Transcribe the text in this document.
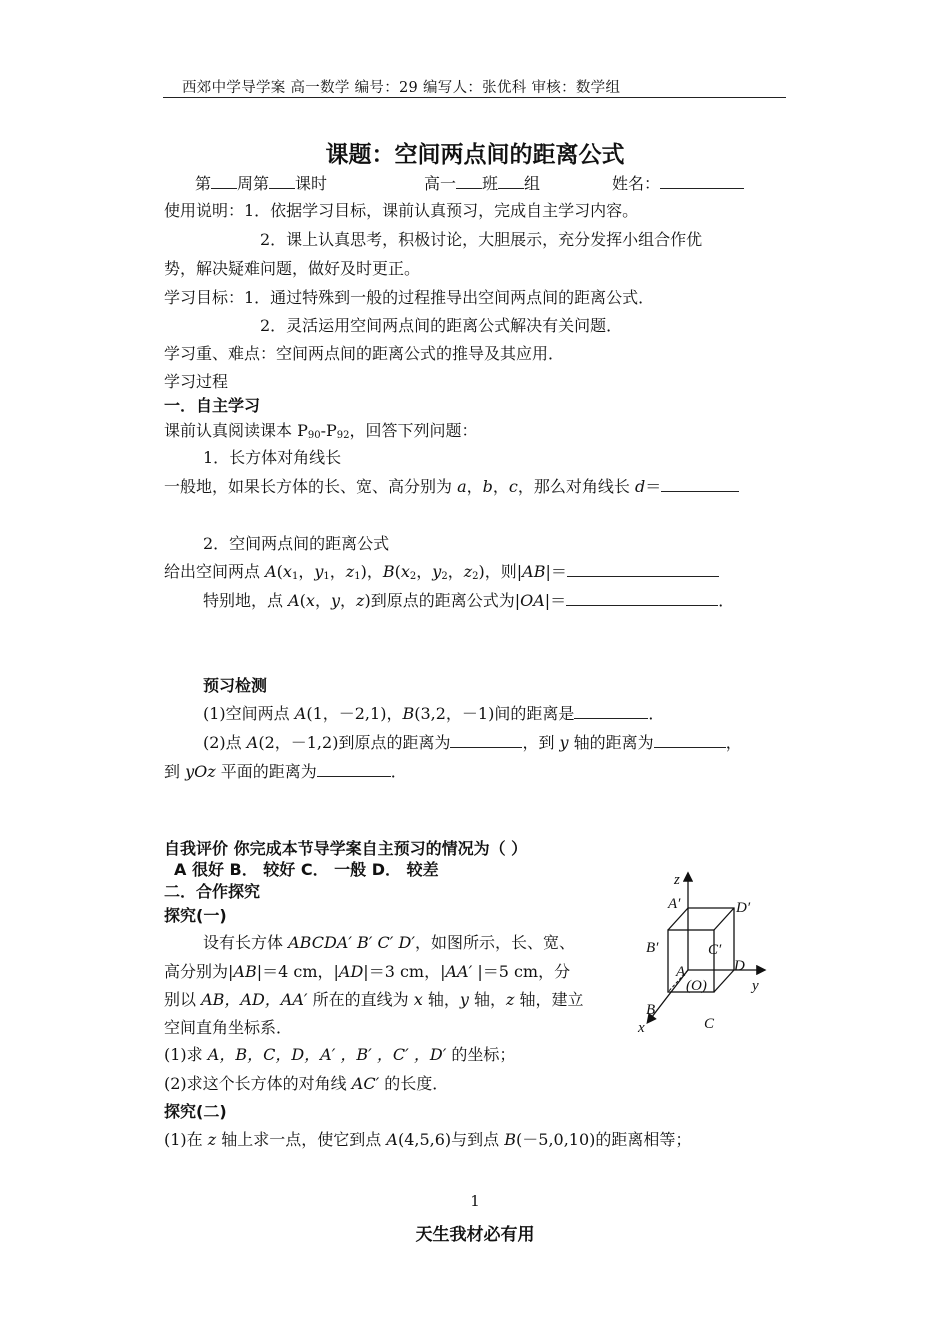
西郊中学导学案 高一数学 编号：29 编写人：张优科 审核：数学组
课题：空间两点间的距离公式
第 周第 课时	高一 班 组	姓名：
使用说明：1．依据学习目标，课前认真预习，完成自主学习内容。
2．课上认真思考，积极讨论，大胆展示，充分发挥小组合作优
势，解决疑难问题，做好及时更正。
学习目标：1．通过特殊到一般的过程推导出空间两点间的距离公式．
2．灵活运用空间两点间的距离公式解决有关问题．
学习重、难点：空间两点间的距离公式的推导及其应用．
学习过程
一．自主学习
课前认真阅读课本 $P_{90}-P_{92}$，回答下列问题：
1．长方体对角线长
一般地，如果长方体的长、宽、高分别为 a，b，c，那么对角线长 d＝
2．空间两点间的距离公式
给出空间两点 $A(x_1$，$y_1$，$z_1$)，$B(x_2$，$y_2$，$z_2$)，则|AB|＝
特别地，点 A(x，y，z)到原点的距离公式为|OA|＝	．
预习检测
(1)空间两点 A(1，－2,1)，B(3,2，－1)间的距离是	．
(2)点 A(2，－1,2)到原点的距离为	，到 y 轴的距离为	，
到 yOz 平面的距离为	．
自我评价 你完成本节导学案自主预习的情况为（ ）
A 很好 B． 较好 C． 一般 D． 较差
二．合作探究
探究(一)
设有长方体 ABCDA′ B′ C′ D′，如图所示，长、宽、
高分别为|AB|＝4 cm，|AD|＝3 cm，|AA′ |＝5 cm，分
别以 AB，AD，AA′ 所在的直线为 x 轴，y 轴，z 轴，建立
空间直角坐标系．
(1)求 A，B，C，D，A′ ，B′ ，C′ ，D′ 的坐标；
(2)求这个长方体的对角线 AC′ 的长度．
探究(二)
(1)在 z 轴上求一点，使它到点 A(4,5,6)与到点 B(－5,0,10)的距离相等；
z
A′	D′
B′	C′
A	D
(O)	y
B
C
x
1
天生我材必有用
